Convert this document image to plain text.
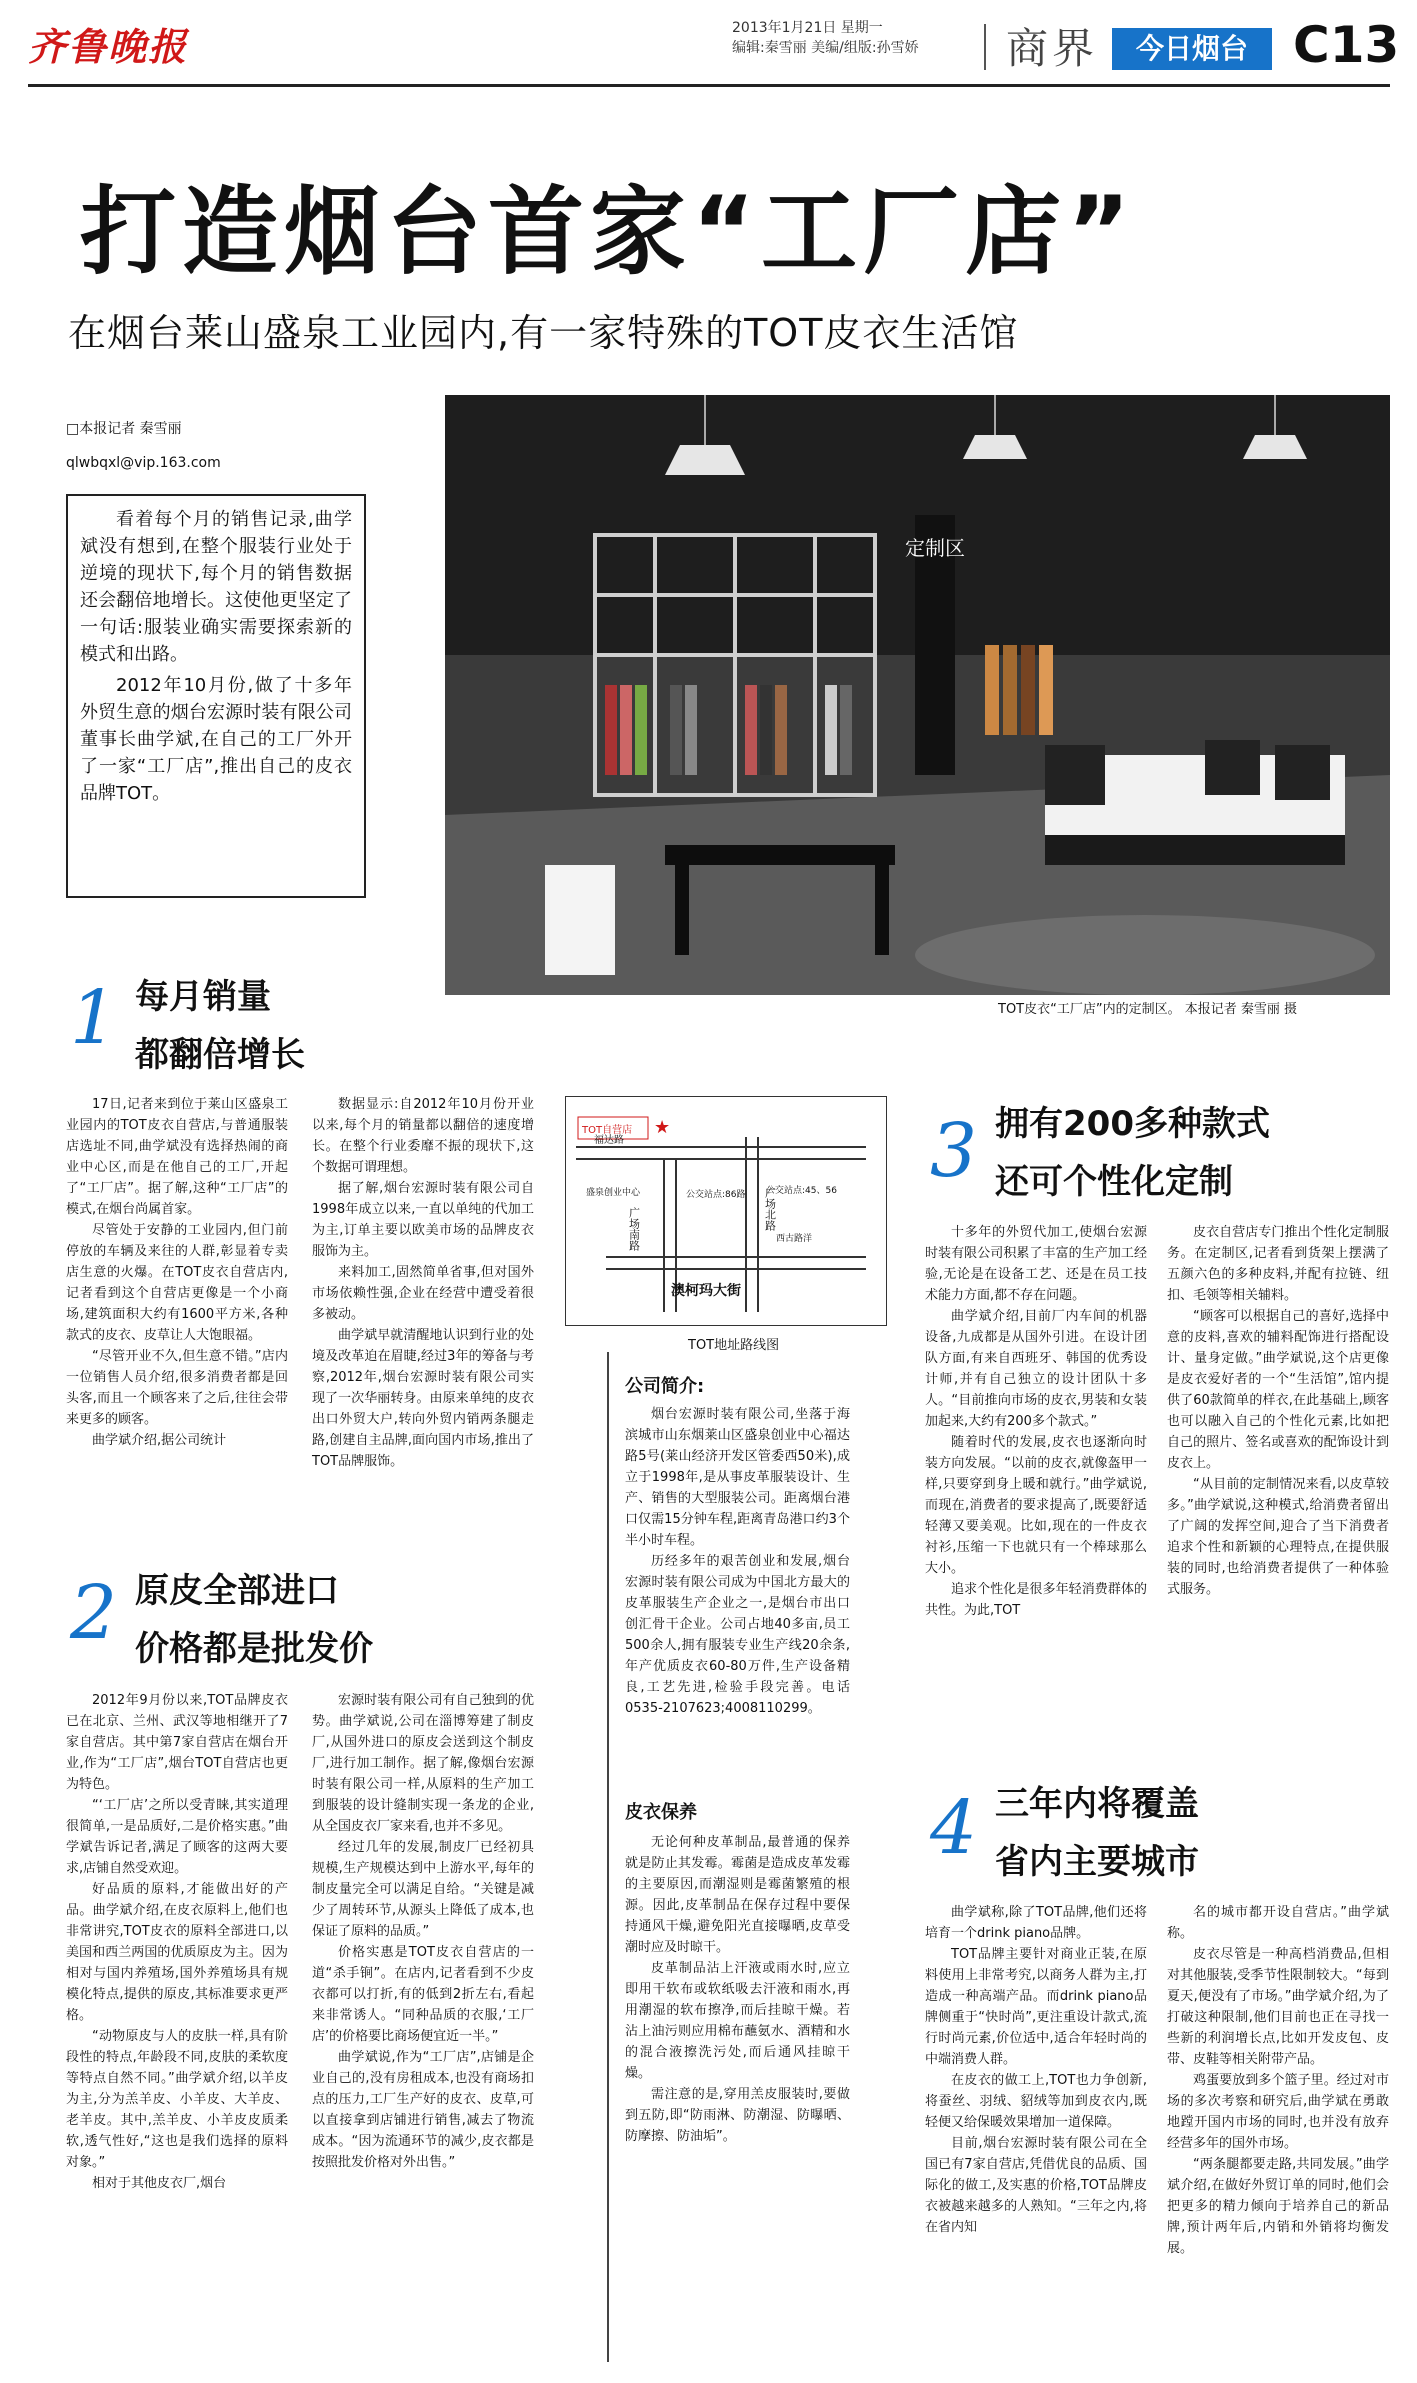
齐鲁晚报	2013年1月21日 星期一
编辑:秦雪丽 美编/组版:孙雪娇 商界	今日烟台 C13
打造烟台首家“工厂店”
在烟台莱山盛泉工业园内,有一家特殊的TOT皮衣生活馆
□本报记者 秦雪丽
qlwbqxl@vip.163.com

看着每个月的销售记录,曲学斌没有想到,在整个服装行业处于逆境的现状下,每个月的销售数据还会翻倍地增长。这使他更坚定了一句话:服装业确实需要探索新的模式和出路。

2012年10月份,做了十多年外贸生意的烟台宏源时装有限公司董事长曲学斌,在自己的工厂外开了一家“工厂店”,推出自己的皮衣品牌TOT。

定制区
TOT皮衣“工厂店”内的定制区。 本报记者 秦雪丽 摄
1 每月销量
都翻倍增长

17日,记者来到位于莱山区盛泉工业园内的TOT皮衣自营店,与普通服装店选址不同,曲学斌没有选择热闹的商业中心区,而是在他自己的工厂,开起了“工厂店”。据了解,这种“工厂店”的模式,在烟台尚属首家。

尽管处于安静的工业园内,但门前停放的车辆及来往的人群,彰显着专卖店生意的火爆。在TOT皮衣自营店内,记者看到这个自营店更像是一个小商场,建筑面积大约有1600平方米,各种款式的皮衣、皮草让人大饱眼福。

“尽管开业不久,但生意不错。”店内一位销售人员介绍,很多消费者都是回头客,而且一个顾客来了之后,往往会带来更多的顾客。

曲学斌介绍,据公司统计

数据显示:自2012年10月份开业以来,每个月的销量都以翻倍的速度增长。在整个行业委靡不振的现状下,这个数据可谓理想。

据了解,烟台宏源时装有限公司自1998年成立以来,一直以单纯的代加工为主,订单主要以欧美市场的品牌皮衣服饰为主。

来料加工,固然简单省事,但对国外市场依赖性强,企业在经营中遭受着很多被动。

曲学斌早就清醒地认识到行业的处境及改革迫在眉睫,经过3年的筹备与考察,2012年,烟台宏源时装有限公司实现了一次华丽转身。由原来单纯的皮衣出口外贸大户,转向外贸内销两条腿走路,创建自主品牌,面向国内市场,推出了TOT品牌服饰。

2 原皮全部进口
价格都是批发价

2012年9月份以来,TOT品牌皮衣已在北京、兰州、武汉等地相继开了7家自营店。其中第7家自营店在烟台开业,作为“工厂店”,烟台TOT自营店也更为特色。

“‘工厂店’之所以受青睐,其实道理很简单,一是品质好,二是价格实惠。”曲学斌告诉记者,满足了顾客的这两大要求,店铺自然受欢迎。

好品质的原料,才能做出好的产品。曲学斌介绍,在皮衣原料上,他们也非常讲究,TOT皮衣的原料全部进口,以美国和西兰两国的优质原皮为主。因为相对与国内养殖场,国外养殖场具有规模化特点,提供的原皮,其标准要求更严格。

“动物原皮与人的皮肤一样,具有阶段性的特点,年龄段不同,皮肤的柔软度等特点自然不同。”曲学斌介绍,以羊皮为主,分为羔羊皮、小羊皮、大羊皮、老羊皮。其中,羔羊皮、小羊皮皮质柔软,透气性好,“这也是我们选择的原料对象。”

相对于其他皮衣厂,烟台

宏源时装有限公司有自己独到的优势。曲学斌说,公司在淄博筹建了制皮厂,从国外进口的原皮会送到这个制皮厂,进行加工制作。据了解,像烟台宏源时装有限公司一样,从原料的生产加工到服装的设计缝制实现一条龙的企业,从全国皮衣厂家来看,也并不多见。

经过几年的发展,制皮厂已经初具规模,生产规模达到中上游水平,每年的制皮量完全可以满足自给。“关键是减少了周转环节,从源头上降低了成本,也保证了原料的品质。”

价格实惠是TOT皮衣自营店的一道“杀手锏”。在店内,记者看到不少皮衣都可以打折,有的低到2折左右,看起来非常诱人。“同种品质的衣服,‘工厂店’的价格要比商场便宜近一半。”

曲学斌说,作为“工厂店”,店铺是企业自己的,没有房租成本,也没有商场扣点的压力,工厂生产好的皮衣、皮草,可以直接拿到店铺进行销售,减去了物流成本。“因为流通环节的减少,皮衣都是按照批发价格对外出售。”

TOT自营店 ★
福达路
盛泉创业中心	公交站点:86路 公交站点:45、56
西古路洋
澳柯玛大街
广场南路	广场北路
TOT地址路线图
公司简介:

烟台宏源时装有限公司,坐落于海滨城市山东烟莱山区盛泉创业中心福达路5号(莱山经济开发区管委西50米),成立于1998年,是从事皮革服装设计、生产、销售的大型服装公司。距离烟台港口仅需15分钟车程,距离青岛港口约3个半小时车程。

历经多年的艰苦创业和发展,烟台宏源时装有限公司成为中国北方最大的皮革服装生产企业之一,是烟台市出口创汇骨干企业。公司占地40多亩,员工500余人,拥有服装专业生产线20余条,年产优质皮衣60-80万件,生产设备精良,工艺先进,检验手段完善。电话0535-2107623;4008110299。

皮衣保养

无论何种皮革制品,最普通的保养就是防止其发霉。霉菌是造成皮革发霉的主要原因,而潮湿则是霉菌繁殖的根源。因此,皮革制品在保存过程中要保持通风干燥,避免阳光直接曝晒,皮草受潮时应及时晾干。

皮革制品沾上汗液或雨水时,应立即用干软布或软纸吸去汗液和雨水,再用潮湿的软布擦净,而后挂晾干燥。若沾上油污则应用棉布蘸氨水、酒精和水的混合液擦洗污处,而后通风挂晾干燥。

需注意的是,穿用羔皮服装时,要做到五防,即“防雨淋、防潮湿、防曝晒、防摩擦、防油垢”。

3 拥有200多种款式
还可个性化定制

十多年的外贸代加工,使烟台宏源时装有限公司积累了丰富的生产加工经验,无论是在设备工艺、还是在员工技术能力方面,都不存在问题。

曲学斌介绍,目前厂内车间的机器设备,九成都是从国外引进。在设计团队方面,有来自西班牙、韩国的优秀设计师,并有自己独立的设计团队十多人。“目前推向市场的皮衣,男装和女装加起来,大约有200多个款式。”

随着时代的发展,皮衣也逐渐向时装方向发展。“以前的皮衣,就像盔甲一样,只要穿到身上暖和就行。”曲学斌说,而现在,消费者的要求提高了,既要舒适轻薄又要美观。比如,现在的一件皮衣衬衫,压缩一下也就只有一个棒球那么大小。

追求个性化是很多年轻消费群体的共性。为此,TOT

皮衣自营店专门推出个性化定制服务。在定制区,记者看到货架上摆满了五颜六色的多种皮料,并配有拉链、纽扣、毛领等相关辅料。

“顾客可以根据自己的喜好,选择中意的皮料,喜欢的辅料配饰进行搭配设计、量身定做。”曲学斌说,这个店更像是皮衣爱好者的一个“生活馆”,馆内提供了60款简单的样衣,在此基础上,顾客也可以融入自己的个性化元素,比如把自己的照片、签名或喜欢的配饰设计到皮衣上。

“从目前的定制情况来看,以皮草较多。”曲学斌说,这种模式,给消费者留出了广阔的发挥空间,迎合了当下消费者追求个性和新颖的心理特点,在提供服装的同时,也给消费者提供了一种体验式服务。

4 三年内将覆盖
省内主要城市

曲学斌称,除了TOT品牌,他们还将培育一个drink piano品牌。

TOT品牌主要针对商业正装,在原料使用上非常考究,以商务人群为主,打造成一种高端产品。而drink piano品牌侧重于“快时尚”,更注重设计款式,流行时尚元素,价位适中,适合年轻时尚的中端消费人群。

在皮衣的做工上,TOT也力争创新,将蚕丝、羽绒、貂绒等加到皮衣内,既轻便又给保暖效果增加一道保障。

目前,烟台宏源时装有限公司在全国已有7家自营店,凭借优良的品质、国际化的做工,及实惠的价格,TOT品牌皮衣被越来越多的人熟知。“三年之内,将在省内知

名的城市都开设自营店。”曲学斌称。

皮衣尽管是一种高档消费品,但相对其他服装,受季节性限制较大。“每到夏天,便没有了市场。”曲学斌介绍,为了打破这种限制,他们目前也正在寻找一些新的利润增长点,比如开发皮包、皮带、皮鞋等相关附带产品。

鸡蛋要放到多个篮子里。经过对市场的多次考察和研究后,曲学斌在勇敢地蹚开国内市场的同时,也并没有放弃经营多年的国外市场。

“两条腿都要走路,共同发展。”曲学斌介绍,在做好外贸订单的同时,他们会把更多的精力倾向于培养自己的新品牌,预计两年后,内销和外销将均衡发展。
